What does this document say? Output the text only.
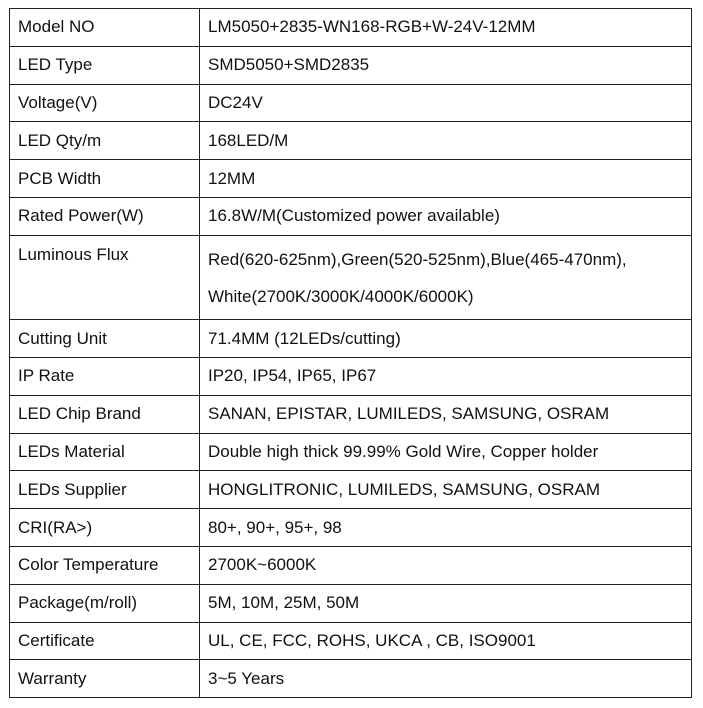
Model NO	LM5050+2835-WN168-RGB+W-24V-12MM
LED Type	SMD5050+SMD2835
Voltage(V)	DC24V
LED Qty/m	168LED/M
PCB Width	12MM
Rated Power(W)	16.8W/M(Customized power available)
Luminous Flux	Red(620-625nm),Green(520-525nm),Blue(465-470nm),
White(2700K/3000K/4000K/6000K)
Cutting Unit	71.4MM (12LEDs/cutting)
IP Rate	IP20, IP54, IP65, IP67
LED Chip Brand	SANAN, EPISTAR, LUMILEDS, SAMSUNG, OSRAM
LEDs Material	Double high thick 99.99% Gold Wire, Copper holder
LEDs Supplier	HONGLITRONIC, LUMILEDS, SAMSUNG, OSRAM
CRI(RA>)	80+, 90+, 95+, 98
Color Temperature	2700K~6000K
Package(m/roll)	5M, 10M, 25M, 50M
Certificate	UL, CE, FCC, ROHS, UKCA , CB, ISO9001
Warranty	3~5 Years
